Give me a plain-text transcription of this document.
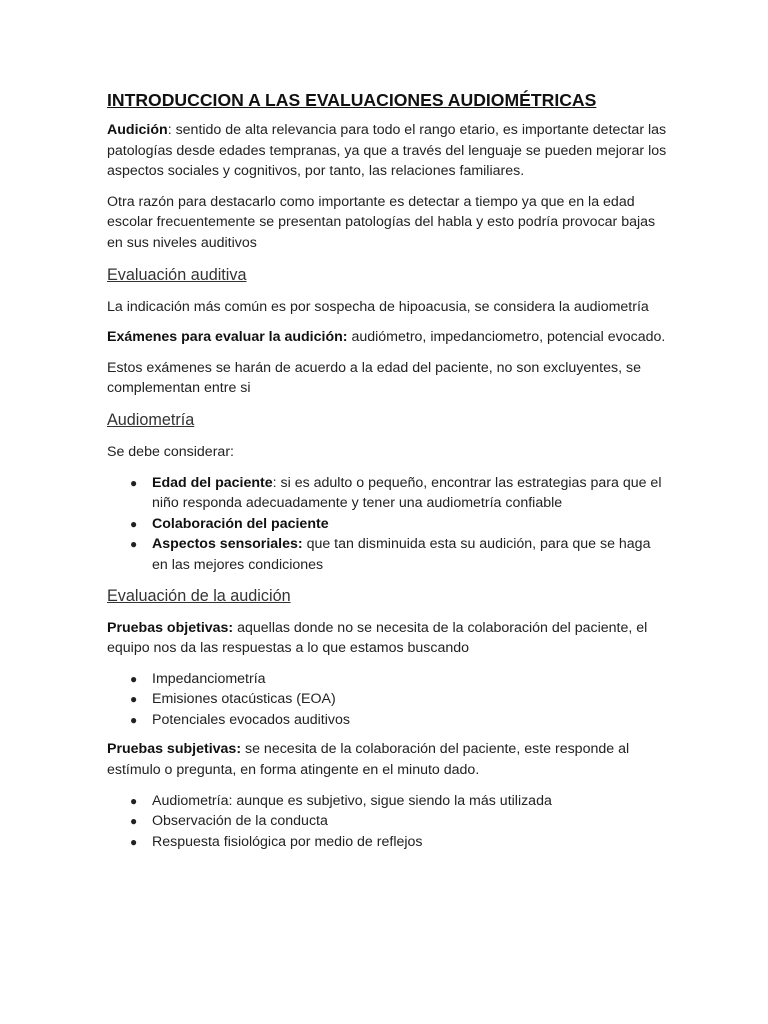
INTRODUCCION A LAS EVALUACIONES AUDIOMÉTRICAS

Audición: sentido de alta relevancia para todo el rango etario, es importante detectar las patologías desde edades tempranas, ya que a través del lenguaje se pueden mejorar los aspectos sociales y cognitivos, por tanto, las relaciones familiares.

Otra razón para destacarlo como importante es detectar a tiempo ya que en la edad escolar frecuentemente se presentan patologías del habla y esto podría provocar bajas en sus niveles auditivos

Evaluación auditiva

La indicación más común es por sospecha de hipoacusia, se considera la audiometría

Exámenes para evaluar la audición: audiómetro, impedanciometro, potencial evocado.

Estos exámenes se harán de acuerdo a la edad del paciente, no son excluyentes, se complementan entre si

Audiometría

Se debe considerar:

● Edad del paciente: si es adulto o pequeño, encontrar las estrategias para que el niño responda adecuadamente y tener una audiometría confiable
● Colaboración del paciente
● Aspectos sensoriales: que tan disminuida esta su audición, para que se haga en las mejores condiciones
Evaluación de la audición

Pruebas objetivas: aquellas donde no se necesita de la colaboración del paciente, el equipo nos da las respuestas a lo que estamos buscando

● Impedanciometría
● Emisiones otacústicas (EOA)
● Potenciales evocados auditivos

Pruebas subjetivas: se necesita de la colaboración del paciente, este responde al estímulo o pregunta, en forma atingente en el minuto dado.

● Audiometría: aunque es subjetivo, sigue siendo la más utilizada
● Observación de la conducta
● Respuesta fisiológica por medio de reflejos
